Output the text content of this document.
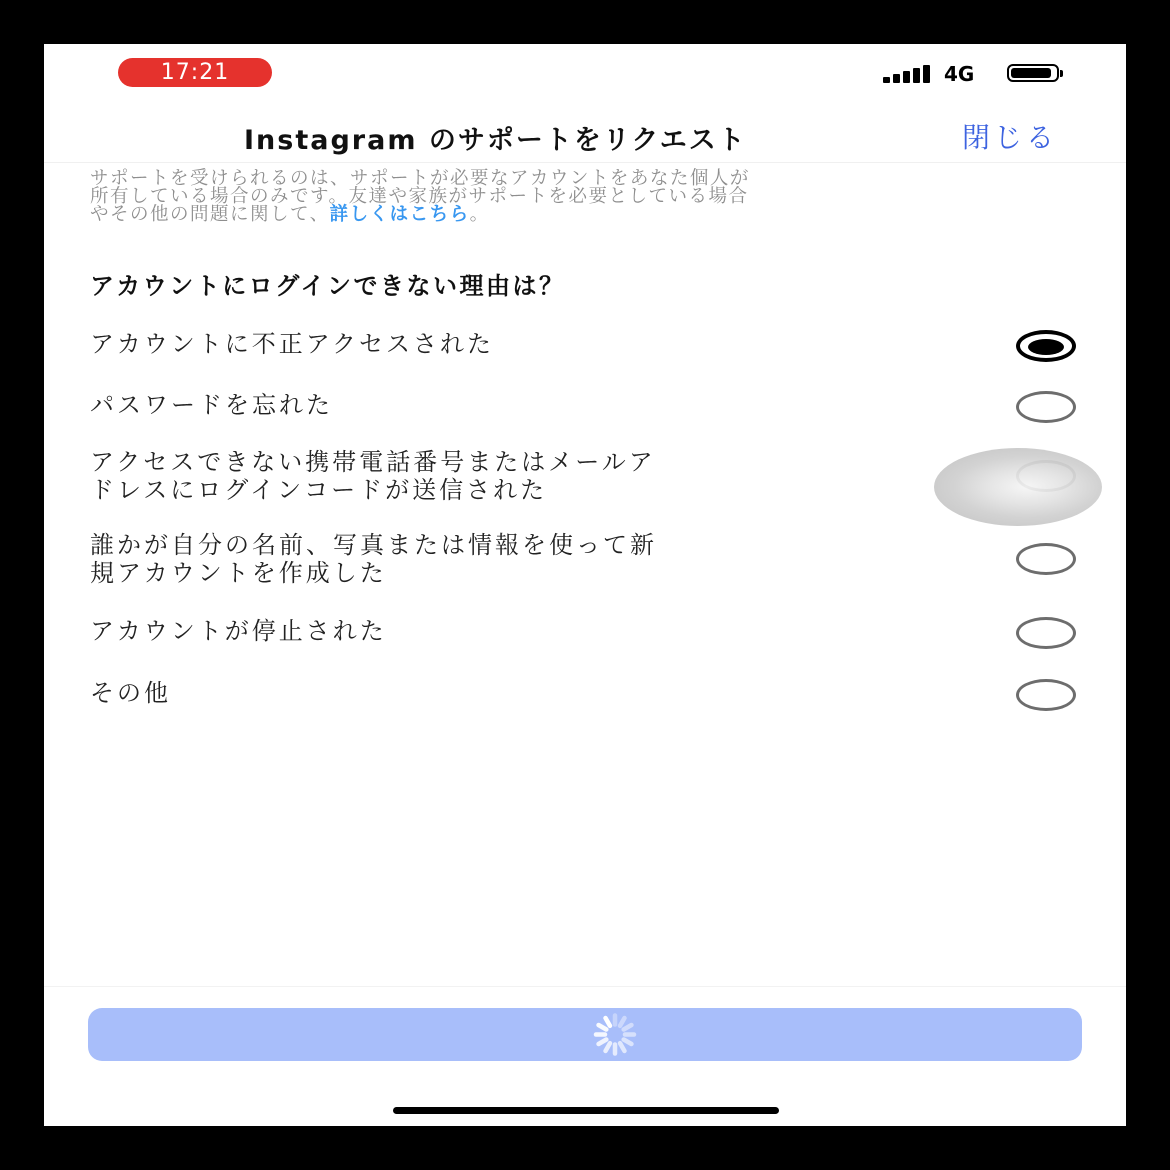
17:21	4G
Instagram のサポートをリクエスト	閉じる

サポートを受けられるのは、サポートが必要なアカウントをあなた個人が

所有している場合のみです。友達や家族がサポートを必要としている場合

やその他の問題に関して、詳しくはこちら。

アカウントにログインできない理由は？

アカウントに不正アクセスされた

パスワードを忘れた

アクセスできない携帯電話番号またはメールア

ドレスにログインコードが送信された

誰かが自分の名前、写真または情報を使って新

規アカウントを作成した

アカウントが停止された

その他
